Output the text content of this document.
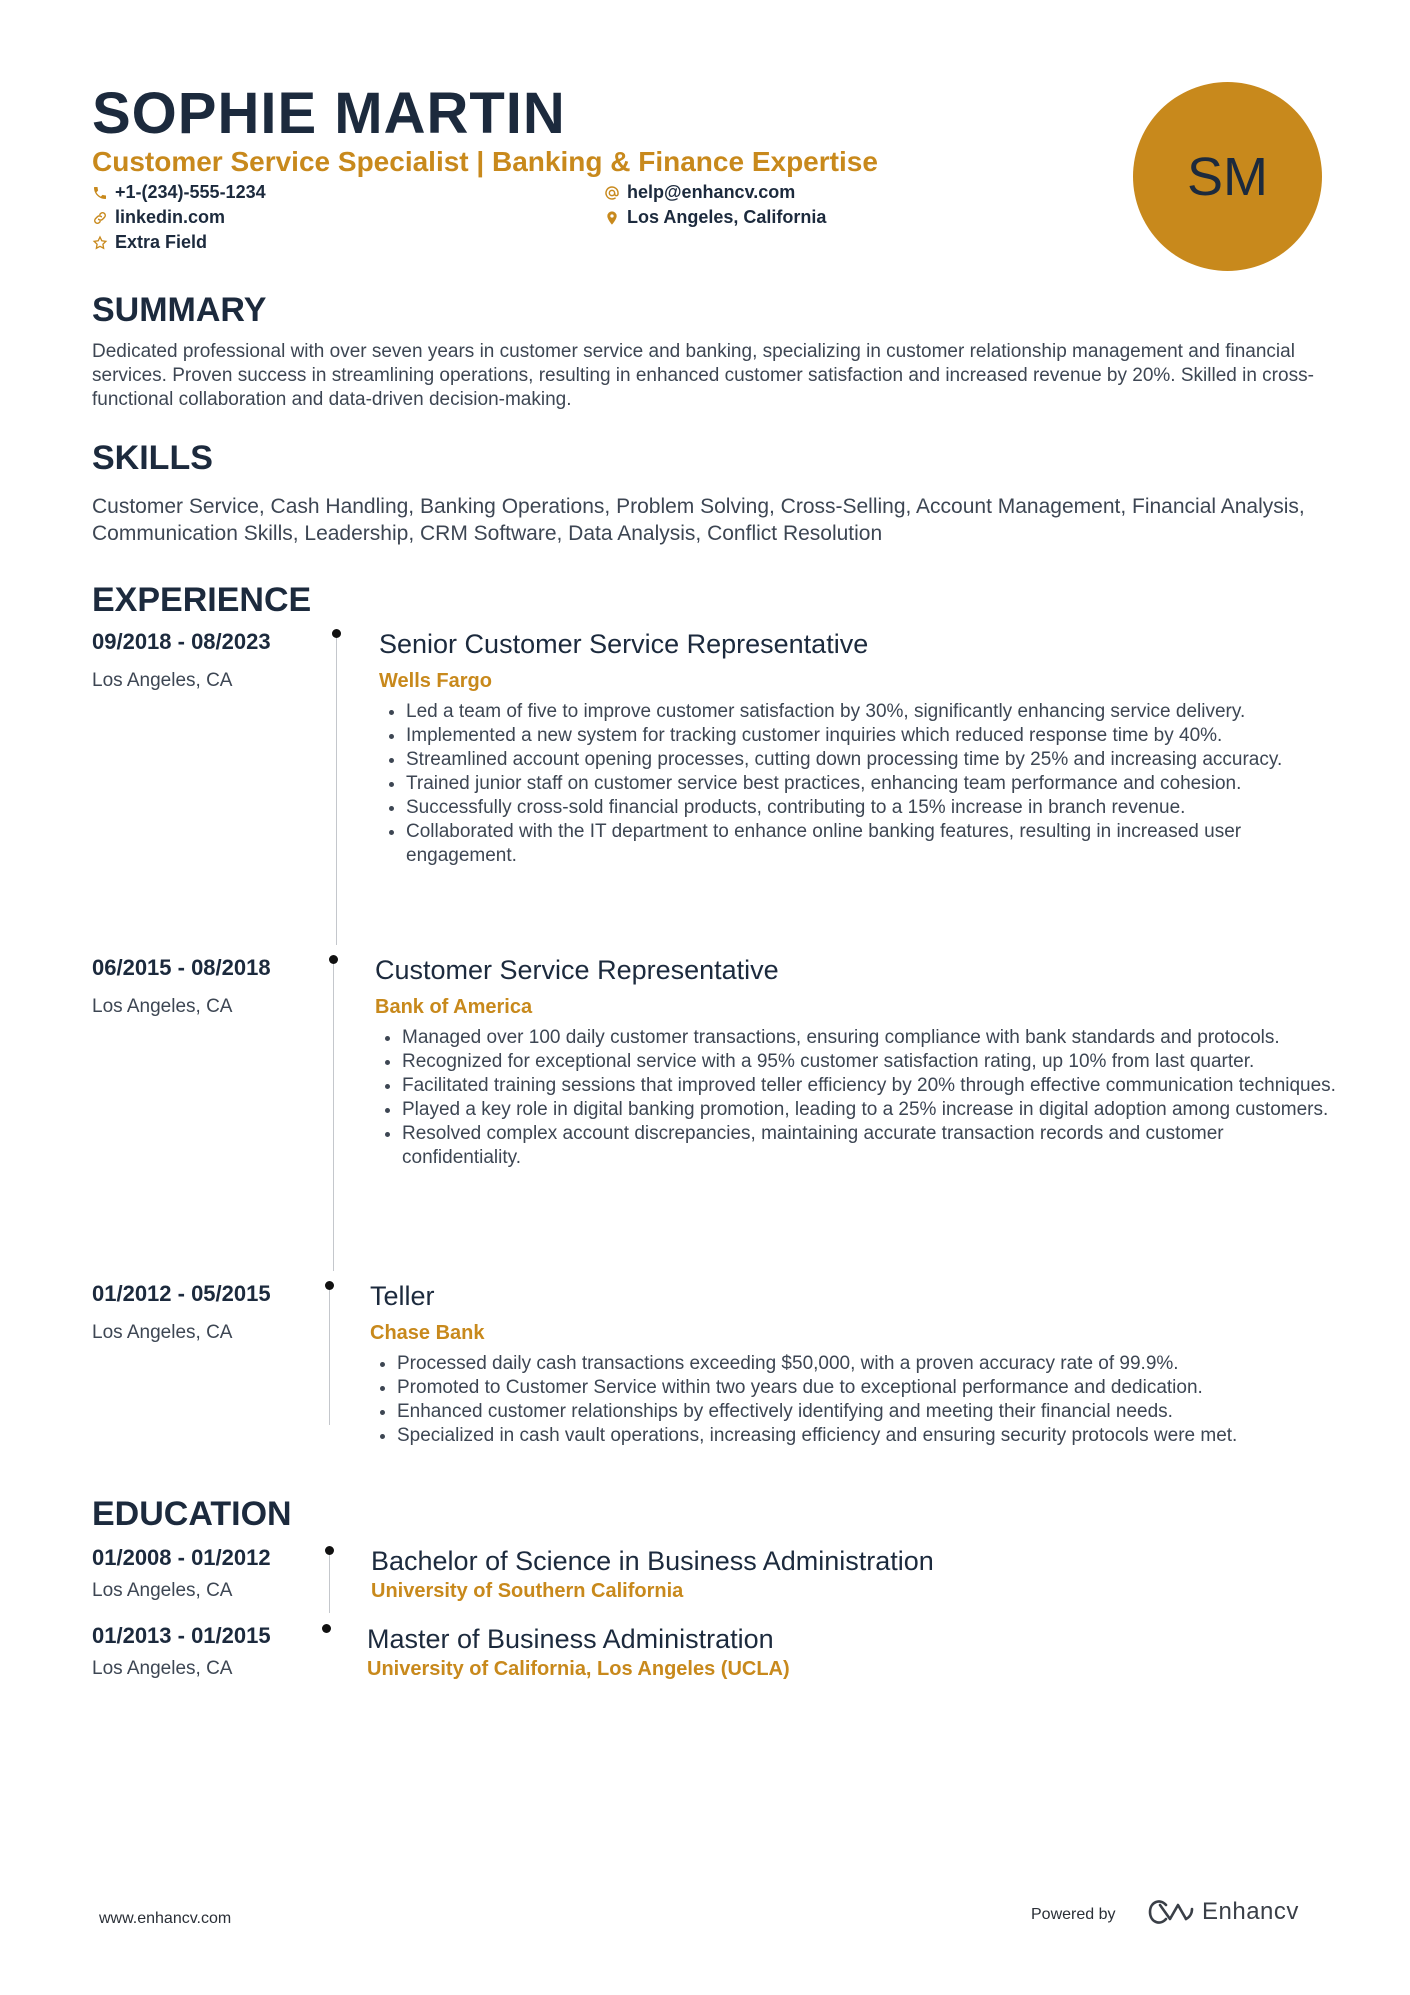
SOPHIE MARTIN
Customer Service Specialist | Banking & Finance Expertise
+1-(234)-555-1234	help@enhancv.com
linkedin.com	Los Angeles, California
Extra Field
SM
SUMMARY
Dedicated professional with over seven years in customer service and banking, specializing in customer relationship management and financial services. Proven success in streamlining operations, resulting in enhanced customer satisfaction and increased revenue by 20%. Skilled in cross-functional collaboration and data-driven decision-making.
SKILLS
Customer Service, Cash Handling, Banking Operations, Problem Solving, Cross-Selling, Account Management, Financial Analysis, Communication Skills, Leadership, CRM Software, Data Analysis, Conflict Resolution
EXPERIENCE
09/2018 - 08/2023
Los Angeles, CA
Senior Customer Service Representative
Wells Fargo
• Led a team of five to improve customer satisfaction by 30%, significantly enhancing service delivery.
• Implemented a new system for tracking customer inquiries which reduced response time by 40%.
• Streamlined account opening processes, cutting down processing time by 25% and increasing accuracy.
• Trained junior staff on customer service best practices, enhancing team performance and cohesion.
• Successfully cross-sold financial products, contributing to a 15% increase in branch revenue.
• Collaborated with the IT department to enhance online banking features, resulting in increased user engagement.
06/2015 - 08/2018
Los Angeles, CA
Customer Service Representative
Bank of America
• Managed over 100 daily customer transactions, ensuring compliance with bank standards and protocols.
• Recognized for exceptional service with a 95% customer satisfaction rating, up 10% from last quarter.
• Facilitated training sessions that improved teller efficiency by 20% through effective communication techniques.
• Played a key role in digital banking promotion, leading to a 25% increase in digital adoption among customers.
• Resolved complex account discrepancies, maintaining accurate transaction records and customer confidentiality.
01/2012 - 05/2015
Los Angeles, CA
Teller
Chase Bank
• Processed daily cash transactions exceeding $50,000, with a proven accuracy rate of 99.9%.
• Promoted to Customer Service within two years due to exceptional performance and dedication.
• Enhanced customer relationships by effectively identifying and meeting their financial needs.
• Specialized in cash vault operations, increasing efficiency and ensuring security protocols were met.
EDUCATION
01/2008 - 01/2012
Los Angeles, CA
Bachelor of Science in Business Administration
University of Southern California
01/2013 - 01/2015
Los Angeles, CA
Master of Business Administration
University of California, Los Angeles (UCLA)
www.enhancv.com	Powered by	Enhancv
